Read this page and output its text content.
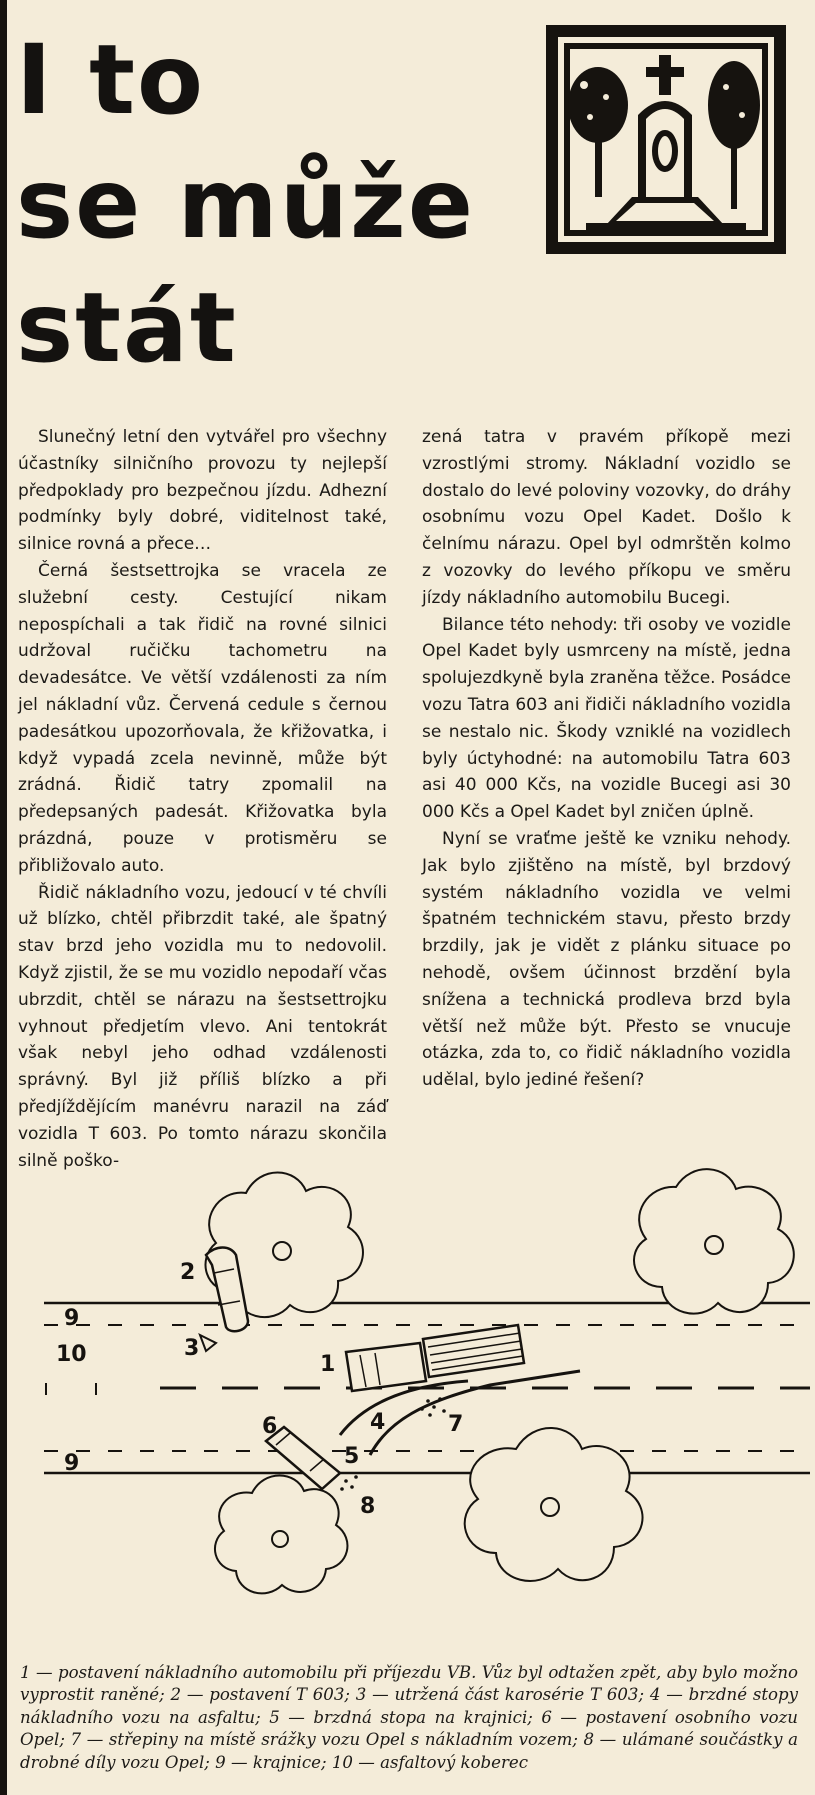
I to
se může
stát

Slunečný letní den vytvářel pro všechny účastníky silničního provozu ty nejlepší předpoklady pro bezpečnou jízdu. Adhezní podmínky byly dobré, viditelnost také, silnice rovná a přece…

Černá šestsettrojka se vracela ze služební cesty. Cestující nikam nepospíchali a tak řidič na rovné silnici udržoval ručičku tachometru na devadesátce. Ve větší vzdálenosti za ním jel nákladní vůz. Červená cedule s černou padesátkou upozorňovala, že křižovatka, i když vypadá zcela nevinně, může být zrádná. Řidič tatry zpomalil na předepsaných padesát. Křižovatka byla prázdná, pouze v protisměru se přibližovalo auto.

Řidič nákladního vozu, jedoucí v té chvíli už blízko, chtěl přibrzdit také, ale špatný stav brzd jeho vozidla mu to nedovolil. Když zjistil, že se mu vozidlo nepodaří včas ubrzdit, chtěl se nárazu na šestsettrojku vyhnout předjetím vlevo. Ani tentokrát však nebyl jeho odhad vzdálenosti správný. Byl již příliš blízko a při předjíždějícím manévru narazil na záď vozidla T 603. Po tomto nárazu skončila silně poško-

zená tatra v pravém příkopě mezi vzrostlými stromy. Nákladní vozidlo se dostalo do levé poloviny vozovky, do dráhy osobnímu vozu Opel Kadet. Došlo k čelnímu nárazu. Opel byl odmrštěn kolmo z vozovky do levého příkopu ve směru jízdy nákladního automobilu Bucegi.

Bilance této nehody: tři osoby ve vozidle Opel Kadet byly usmrceny na místě, jedna spolujezdkyně byla zraněna těžce. Posádce vozu Tatra 603 ani řidiči nákladního vozidla se nestalo nic. Škody vzniklé na vozidlech byly úctyhodné: na automobilu Tatra 603 asi 40 000 Kčs, na vozidle Bucegi asi 30 000 Kčs a Opel Kadet byl zničen úplně.

Nyní se vraťme ještě ke vzniku nehody. Jak bylo zjištěno na místě, byl brzdový systém nákladního vozidla ve velmi špatném technickém stavu, přesto brzdy brzdily, jak je vidět z plánku situace po nehodě, ovšem účinnost brzdění byla snížena a technická prodleva brzd byla větší než může být. Přesto se vnucuje otázka, zda to, co řidič nákladního vozidla udělal, bylo jediné řešení?

1
2
3
4
5
6	7
8
9
10
9

1 — postavení nákladního automobilu při příjezdu VB. Vůz byl odtažen zpět, aby bylo možno vyprostit raněné; 2 — postavení T 603; 3 — utržená část karosérie T 603; 4 — brzdné stopy nákladního vozu na asfaltu; 5 — brzdná stopa na krajnici; 6 — postavení osobního vozu Opel; 7 — střepiny na místě srážky vozu Opel s nákladním vozem; 8 — ulámané součástky a drobné díly vozu Opel; 9 — krajnice; 10 — asfaltový koberec
